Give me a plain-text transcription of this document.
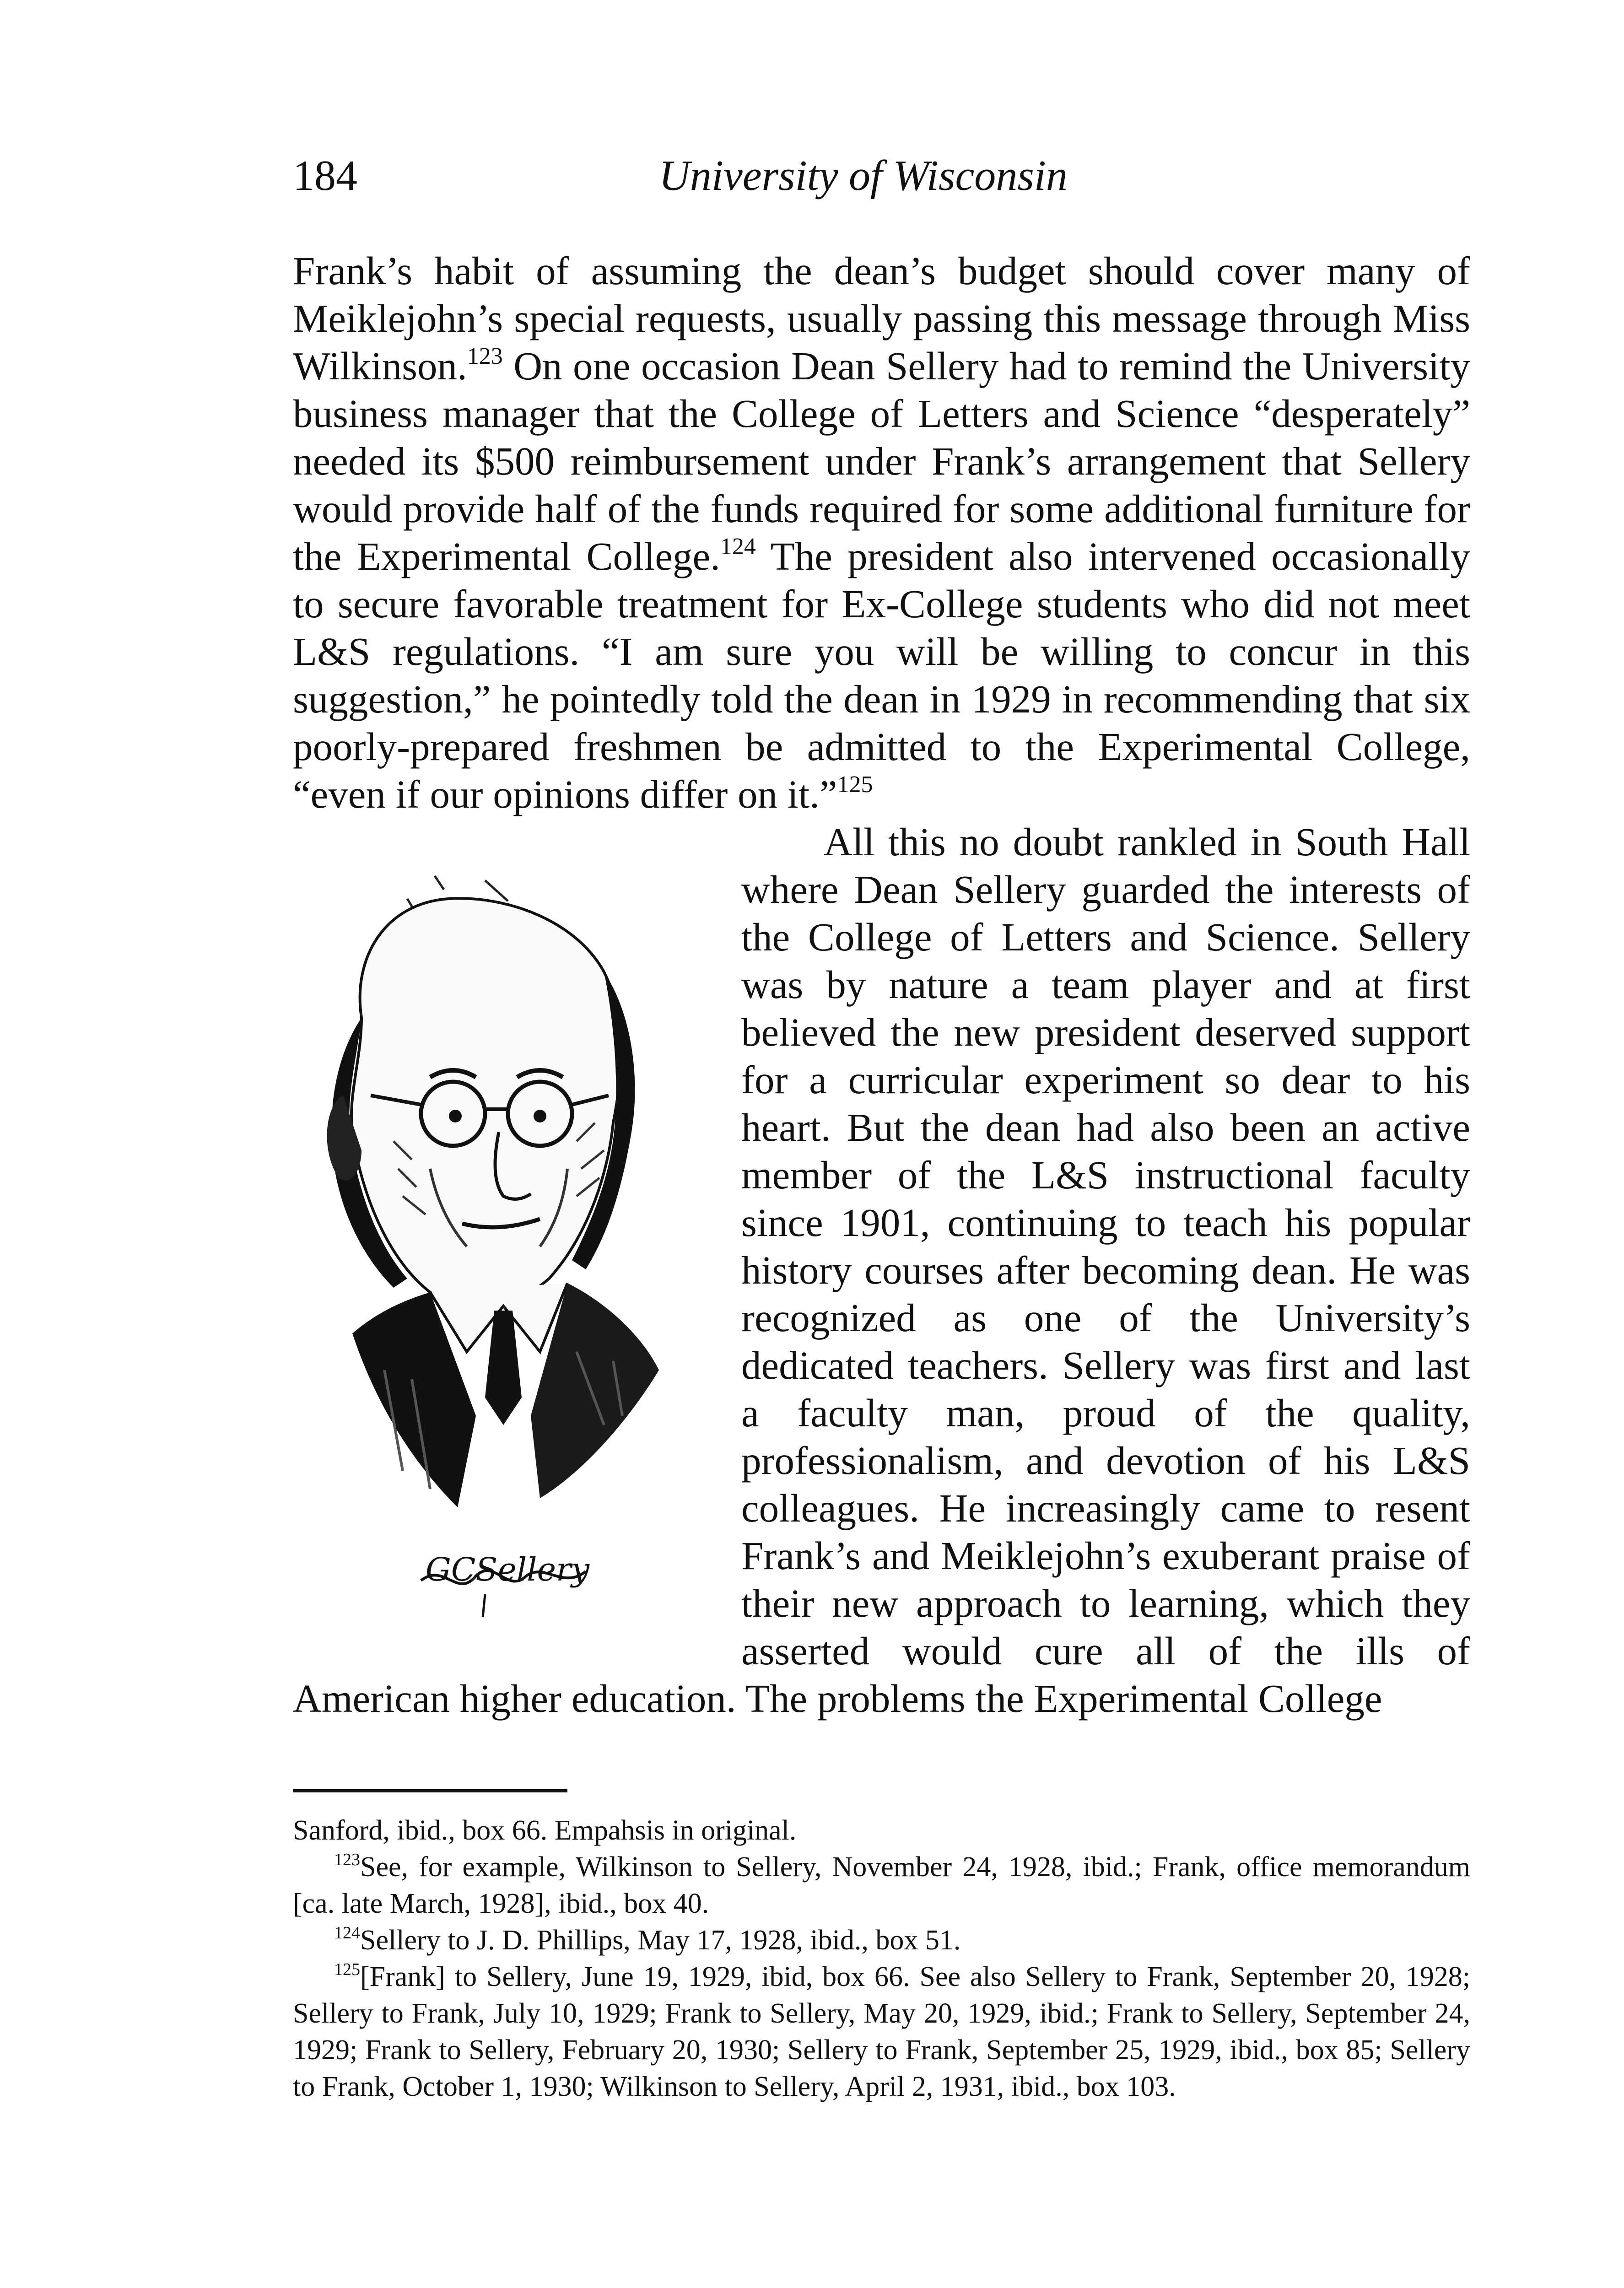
184	University of Wisconsin

Frank’s habit of assuming the dean’s budget should cover many of Meiklejohn’s special requests, usually passing this message through Miss Wilkinson.$^{123}$ On one occasion Dean Sellery had to remind the University business manager that the College of Letters and Science “desperately” needed its $500 reimbursement under Frank’s arrangement that Sellery would provide half of the funds required for some additional furniture for the Experimental College.$^{124}$ The president also intervened occasionally to secure favorable treatment for Ex-College students who did not meet L&S regulations. “I am sure you will be willing to concur in this suggestion,” he pointedly told the dean in 1929 in recommending that six poorly-prepared freshmen be admitted to the Experimental College, “even if our opinions differ on it.”$^{125}$

GCSellery

All this no doubt rankled in South Hall where Dean Sellery guarded the interests of the College of Letters and Science. Sellery was by nature a team player and at first believed the new president deserved support for a curricular experiment so dear to his heart. But the dean had also been an active member of the L&S instructional faculty since 1901, continuing to teach his popular history courses after becoming dean. He was recognized as one of the University’s dedicated teachers. Sellery was first and last a faculty man, proud of the quality, professionalism, and devotion of his L&S colleagues. He increasingly came to resent Frank’s and Meiklejohn’s exuberant praise of their new approach to learning, which they asserted would cure all of the ills of American higher education. The problems the Experimental College

Sanford, ibid., box 66. Empahsis in original.

$^{123}$See, for example, Wilkinson to Sellery, November 24, 1928, ibid.; Frank, office memorandum [ca. late March, 1928], ibid., box 40.

$^{124}$Sellery to J. D. Phillips, May 17, 1928, ibid., box 51.

$^{125}$[Frank] to Sellery, June 19, 1929, ibid, box 66. See also Sellery to Frank, September 20, 1928; Sellery to Frank, July 10, 1929; Frank to Sellery, May 20, 1929, ibid.; Frank to Sellery, September 24, 1929; Frank to Sellery, February 20, 1930; Sellery to Frank, September 25, 1929, ibid., box 85; Sellery to Frank, October 1, 1930; Wilkinson to Sellery, April 2, 1931, ibid., box 103.
